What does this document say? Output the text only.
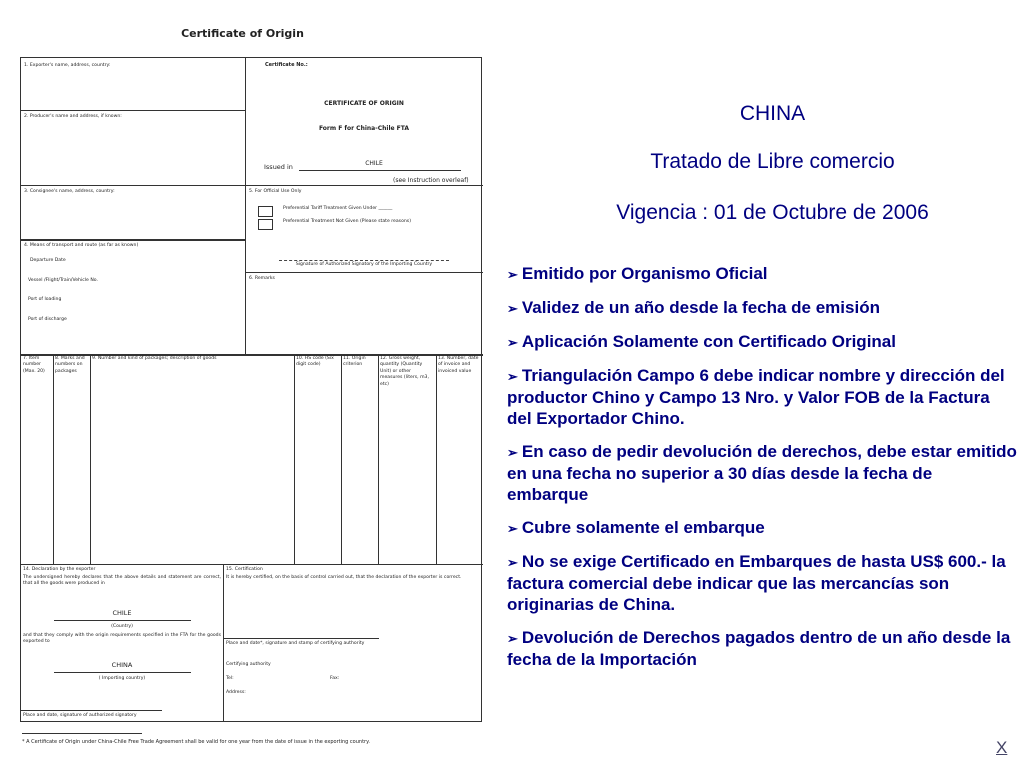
Certificate of Origin
1. Exporter's name, address, country:
2. Producer's name and address, if known:
3. Consignee's name, address, country:
4. Means of transport and route (as far as known)
Departure Date
Vessel /Flight/Train/Vehicle No.
Port of loading
Port of discharge
Certificate No.:
CERTIFICATE OF ORIGIN
Form F for China-Chile FTA
Issued in	CHILE
(see Instruction overleaf)
5. For Official Use Only
Preferential Tariff Treatment Given Under ______
Preferential Treatment Not Given (Please state reasons)
Signature of Authorized Signatory of the Importing Country
6. Remarks
7. Item number (Max. 20)
8. Marks and numbers on packages
9. Number and kind of packages; description of goods	10. HS code (Six digit code)
11. Origin criterion
12. Gross weight, quantity (Quantity Unit) or other measures (liters, m3, etc)
13. Number, date of invoice and invoiced value
14. Declaration by the exporter
The undersigned hereby declares that the above details and statement are correct, that all the goods were produced in
CHILE
(Country)
and that they comply with the origin requirements specified in the FTA for the goods exported to
CHINA
( Importing country)
Place and date, signature of authorized signatory
15. Certification
It is hereby certified, on the basis of control carried out, that the declaration of the exporter is correct.
Place and date*, signature and stamp of certifying authority
Certifying authority
Tel:	Fax:
Address:
* A Certificate of Origin under China-Chile Free Trade Agreement shall be valid for one year from the date of issue in the exporting country.
CHINA
Tratado de Libre comercio
Vigencia : 01 de Octubre de 2006
➢ Emitido por Organismo Oficial
➢ Validez de un año desde la fecha de emisión
➢ Aplicación Solamente con Certificado Original
➢ Triangulación Campo 6 debe indicar nombre y dirección del productor Chino y Campo 13 Nro. y Valor FOB de la Factura del Exportador Chino.
➢ En caso de pedir devolución de derechos, debe estar emitido en una fecha no superior a 30 días desde la fecha de embarque
➢ Cubre solamente el embarque
➢ No se exige Certificado en Embarques de hasta US$ 600.- la factura comercial debe indicar que las mercancías son originarias de China.
➢ Devolución de Derechos pagados dentro de un año desde la fecha de la Importación
X
